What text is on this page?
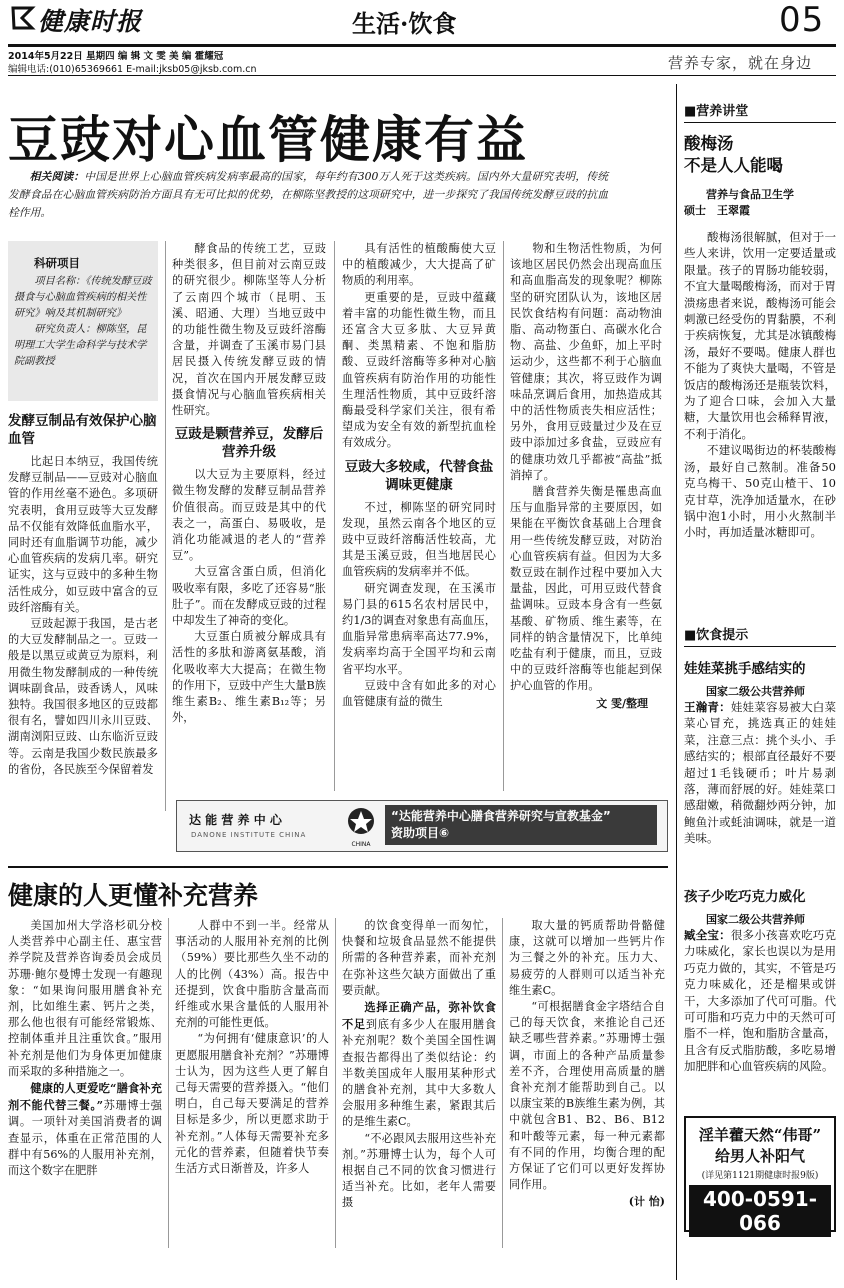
健康时报	生活·饮食	05
2014年5月22日 星期四 编 辑 文 雯 美 编 霍耀冠
编辑电话:(010)65369661 E-mail:jksb05@jksb.com.cn	营养专家，就在身边
豆豉对心血管健康有益
相关阅读：中国是世界上心脑血管疾病发病率最高的国家，每年约有300万人死于这类疾病。国内外大量研究表明，传统发酵食品在心脑血管疾病防治方面具有无可比拟的优势，在柳陈坚教授的这项研究中，进一步探究了我国传统发酵豆豉的抗血栓作用。
科研项目
项目名称：《传统发酵豆豉摄食与心脑血管疾病的相关性研究》响及其机制研究》
研究负责人：柳陈坚，昆明理工大学生命科学与技术学院副教授
发酵豆制品有效保护心脑血管

比起日本纳豆，我国传统发酵豆制品——豆豉对心脑血管的作用丝毫不逊色。多项研究表明，食用豆豉等大豆发酵品不仅能有效降低血脂水平，同时还有血脂调节功能，减少心血管疾病的发病几率。研究证实，这与豆豉中的多种生物活性成分，如豆豉中富含的豆豉纤溶酶有关。

豆豉起源于我国，是古老的大豆发酵制品之一。豆豉一般是以黑豆或黄豆为原料，利用微生物发酵制成的一种传统调味副食品，豉香诱人，风味独特。我国很多地区的豆豉都很有名，譬如四川永川豆豉、湖南浏阳豆豉、山东临沂豆豉等。云南是我国少数民族最多的省份，各民族至今保留着发

酵食品的传统工艺，豆豉种类很多，但目前对云南豆豉的研究很少。柳陈坚等人分析了云南四个城市（昆明、玉溪、昭通、大理）当地豆豉中的功能性微生物及豆豉纤溶酶含量，并调查了玉溪市易门县居民摄入传统发酵豆豉的情况，首次在国内开展发酵豆豉摄食情况与心脑血管疾病相关性研究。

豆豉是颗营养豆，发酵后营养升级

以大豆为主要原料，经过微生物发酵的发酵豆制品营养价值很高。而豆豉是其中的代表之一，高蛋白、易吸收，是消化功能减退的老人的“营养豆”。

大豆富含蛋白质，但消化吸收率有限，多吃了还容易“胀肚子”。而在发酵成豆豉的过程中却发生了神奇的变化。

大豆蛋白质被分解成具有活性的多肽和游离氨基酸，消化吸收率大大提高；在微生物的作用下，豆豉中产生大量B族维生素B₂、维生素B₁₂等；另外，

具有活性的植酸酶使大豆中的植酸减少，大大提高了矿物质的利用率。

更重要的是，豆豉中蕴藏着丰富的功能性微生物，而且还富含大豆多肽、大豆异黄酮、类黑精素、不饱和脂肪酸、豆豉纤溶酶等多种对心脑血管疾病有防治作用的功能性生理活性物质，其中豆豉纤溶酶最受科学家们关注，很有希望成为安全有效的新型抗血栓有效成分。

豆豉大多较咸，代替食盐调味更健康

不过，柳陈坚的研究同时发现，虽然云南各个地区的豆豉中豆豉纤溶酶活性较高，尤其是玉溪豆豉，但当地居民心血管疾病的发病率并不低。

研究调查发现，在玉溪市易门县的615名农村居民中，约1/3的调查对象患有高血压，血脂异常患病率高达77.9%，发病率均高于全国平均和云南省平均水平。

豆豉中含有如此多的对心血管健康有益的微生

物和生物活性物质，为何该地区居民仍然会出现高血压和高血脂高发的现象呢？柳陈坚的研究团队认为，该地区居民饮食结构有问题：高动物油脂、高动物蛋白、高碳水化合物、高盐、少鱼虾，加上平时运动少，这些都不利于心脑血管健康；其次，将豆豉作为调味品烹调后食用，加热造成其中的活性物质丧失相应活性；另外，食用豆豉量过少及在豆豉中添加过多食盐，豆豉应有的健康功效几乎都被“高盐”抵消掉了。

膳食营养失衡是罹患高血压与血脂异常的主要原因，如果能在平衡饮食基础上合理食用一些传统发酵豆豉，对防治心血管疾病有益。但因为大多数豆豉在制作过程中要加入大量盐，因此，可用豆豉代替食盐调味。豆豉本身含有一些氨基酸、矿物质、维生素等，在同样的钠含量情况下，比单纯吃盐有利于健康，而且，豆豉中的豆豉纤溶酶等也能起到保护心血管的作用。

文 雯/整理
达 能 营 养 中 心
DANONE INSTITUTE CHINA
CHINA
“达能营养中心膳食营养研究与宣教基金”
资助项目⑥
健康的人更懂补充营养

美国加州大学洛杉矶分校人类营养中心副主任、惠宝营养学院及营养咨询委员会成员苏珊·鲍尔曼博士发现一有趣现象：“如果询问服用膳食补充剂，比如维生素、钙片之类，那么他也很有可能经常锻炼、控制体重并且注重饮食。”服用补充剂是他们为身体更加健康而采取的多种措施之一。

健康的人更爱吃“膳食补充剂不能代替三餐。”苏珊博士强调。一项针对美国消费者的调查显示，体重在正常范围的人群中有56%的人服用补充剂，而这个数字在肥胖

人群中不到一半。经常从事活动的人服用补充剂的比例（59%）要比那些久坐不动的人的比例（43%）高。报告中还提到，饮食中脂肪含量高而纤维或水果含量低的人服用补充剂的可能性更低。

“为何拥有‘健康意识’的人更愿服用膳食补充剂？”苏珊博士认为，因为这些人更了解自己每天需要的营养摄入。“他们明白，自己每天要满足的营养目标是多少，所以更愿求助于补充剂。”人体每天需要补充多元化的营养素，但随着快节奏生活方式日渐普及，许多人

的饮食变得单一而匆忙，快餐和垃圾食品显然不能提供所需的各种营养素，而补充剂在弥补这些欠缺方面做出了重要贡献。

选择正确产品，弥补饮食不足到底有多少人在服用膳食补充剂呢？数个美国全国性调查报告都得出了类似结论：约半数美国成年人服用某种形式的膳食补充剂，其中大多数人会服用多种维生素，紧跟其后的是维生素C。

“不必跟风去服用这些补充剂。”苏珊博士认为，每个人可根据自己不同的饮食习惯进行适当补充。比如，老年人需要摄

取大量的钙质帮助骨骼健康，这就可以增加一些钙片作为三餐之外的补充。压力大、易疲劳的人群则可以适当补充维生素C。

“可根据膳食金字塔结合自己的每天饮食，来推论自己还缺乏哪些营养素。”苏珊博士强调，市面上的各种产品质量参差不齐，合理使用高质量的膳食补充剂才能帮助到自己。以以康宝莱的B族维生素为例，其中就包含B1、B2、B6、B12和叶酸等元素，每一种元素都有不同的作用，均衡合理的配方保证了它们可以更好发挥协同作用。

(计 怡)
■营养讲堂
酸梅汤
不是人人能喝
营养与食品卫生学
硕士　王翠霞

酸梅汤很解腻，但对于一些人来讲，饮用一定要适量或限量。孩子的胃肠功能较弱，不宜大量喝酸梅汤，而对于胃溃疡患者来说，酸梅汤可能会刺激已经受伤的胃黏膜，不利于疾病恢复，尤其是冰镇酸梅汤，最好不要喝。健康人群也不能为了爽快大量喝，不管是饭店的酸梅汤还是瓶装饮料，为了迎合口味，会加入大量糖，大量饮用也会稀释胃液，不利于消化。

不建议喝街边的杯装酸梅汤，最好自己熬制。准备50克乌梅干、50克山楂干、10克甘草，洗净加适量水，在砂锅中泡1小时，用小火熬制半小时，再加适量冰糖即可。

■饮食提示
娃娃菜挑手感结实的
国家二级公共营养师

王瀚青：娃娃菜容易被大白菜菜心冒充，挑选真正的娃娃菜，注意三点：挑个头小、手感结实的；根部直径最好不要超过1毛钱硬币；叶片易剥落，薄而舒展的好。娃娃菜口感甜嫩，稍微翻炒两分钟，加鲍鱼汁或蚝油调味，就是一道美味。

孩子少吃巧克力威化
国家二级公共营养师

臧全宝：很多小孩喜欢吃巧克力味威化，家长也误以为是用巧克力做的，其实，不管是巧克力味威化，还是榴果或饼干，大多添加了代可可脂。代可可脂和巧克力中的天然可可脂不一样，饱和脂肪含量高，且含有反式脂肪酸，多吃易增加肥胖和心血管疾病的风险。

淫羊藿天然“伟哥”
给男人补阳气
(详见第1121期健康时报9版)
400-0591-066
